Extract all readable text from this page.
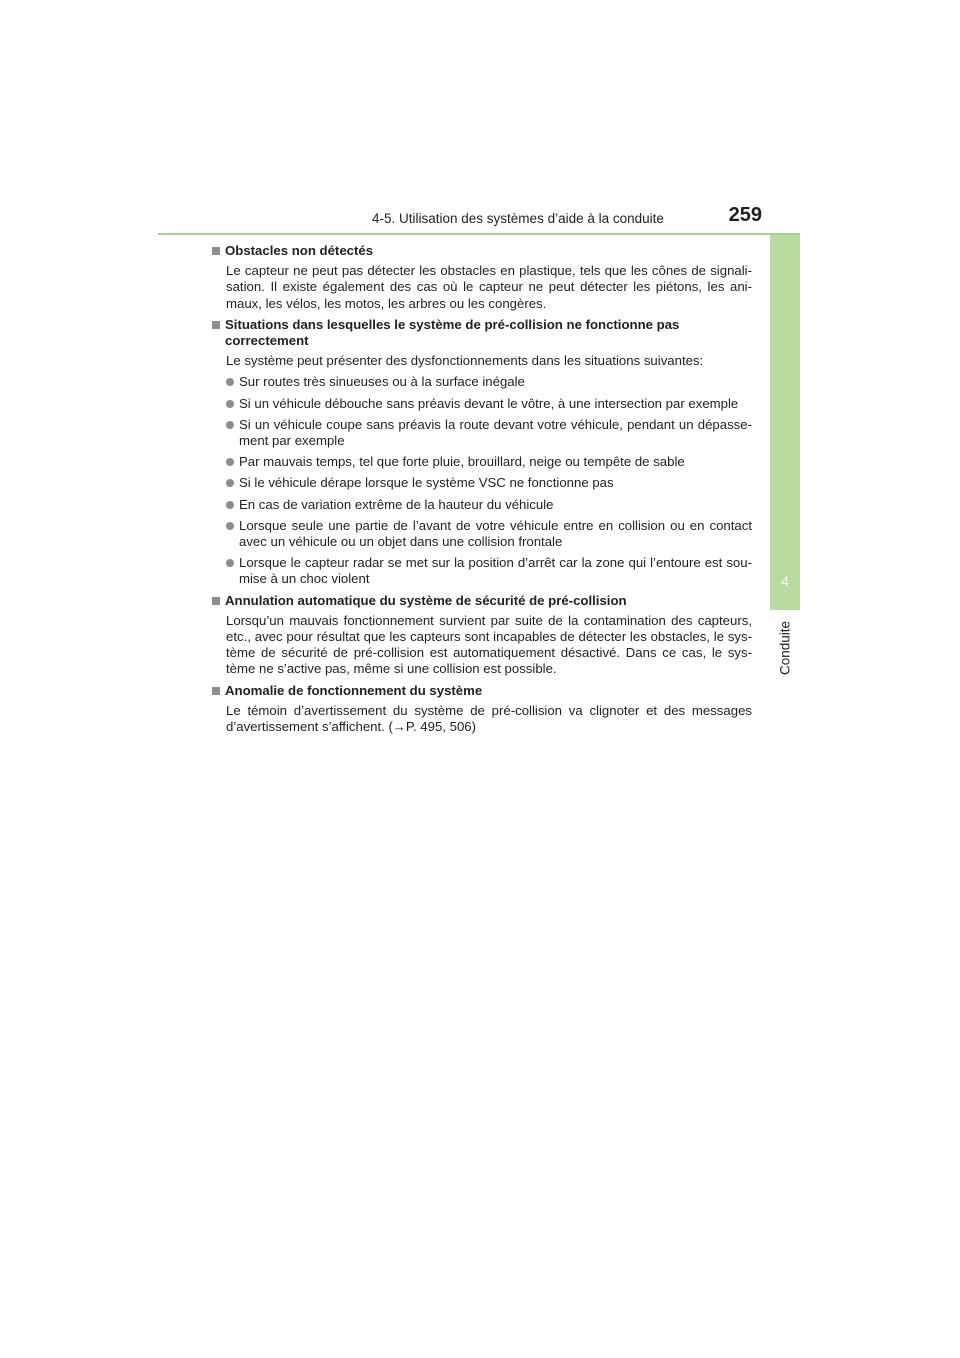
4-5. Utilisation des systèmes d’aide à la conduite	259
4
Conduite
Obstacles non détectés
Le capteur ne peut pas détecter les obstacles en plastique, tels que les cônes de signali-sation. Il existe également des cas où le capteur ne peut détecter les piétons, les ani-maux, les vélos, les motos, les arbres ou les congères.
Situations dans lesquelles le système de pré-collision ne fonctionne pas correctement
Le système peut présenter des dysfonctionnements dans les situations suivantes:
Sur routes très sinueuses ou à la surface inégale
Si un véhicule débouche sans préavis devant le vôtre, à une intersection par exemple
Si un véhicule coupe sans préavis la route devant votre véhicule, pendant un dépasse-ment par exemple
Par mauvais temps, tel que forte pluie, brouillard, neige ou tempête de sable
Si le véhicule dérape lorsque le système VSC ne fonctionne pas
En cas de variation extrême de la hauteur du véhicule
Lorsque seule une partie de l’avant de votre véhicule entre en collision ou en contact avec un véhicule ou un objet dans une collision frontale
Lorsque le capteur radar se met sur la position d’arrêt car la zone qui l’entoure est sou-mise à un choc violent
Annulation automatique du système de sécurité de pré-collision
Lorsqu’un mauvais fonctionnement survient par suite de la contamination des capteurs, etc., avec pour résultat que les capteurs sont incapables de détecter les obstacles, le sys-tème de sécurité de pré-collision est automatiquement désactivé. Dans ce cas, le sys-tème ne s’active pas, même si une collision est possible.
Anomalie de fonctionnement du système
Le témoin d’avertissement du système de pré-collision va clignoter et des messages d’avertissement s’affichent. (→P. 495, 506)
